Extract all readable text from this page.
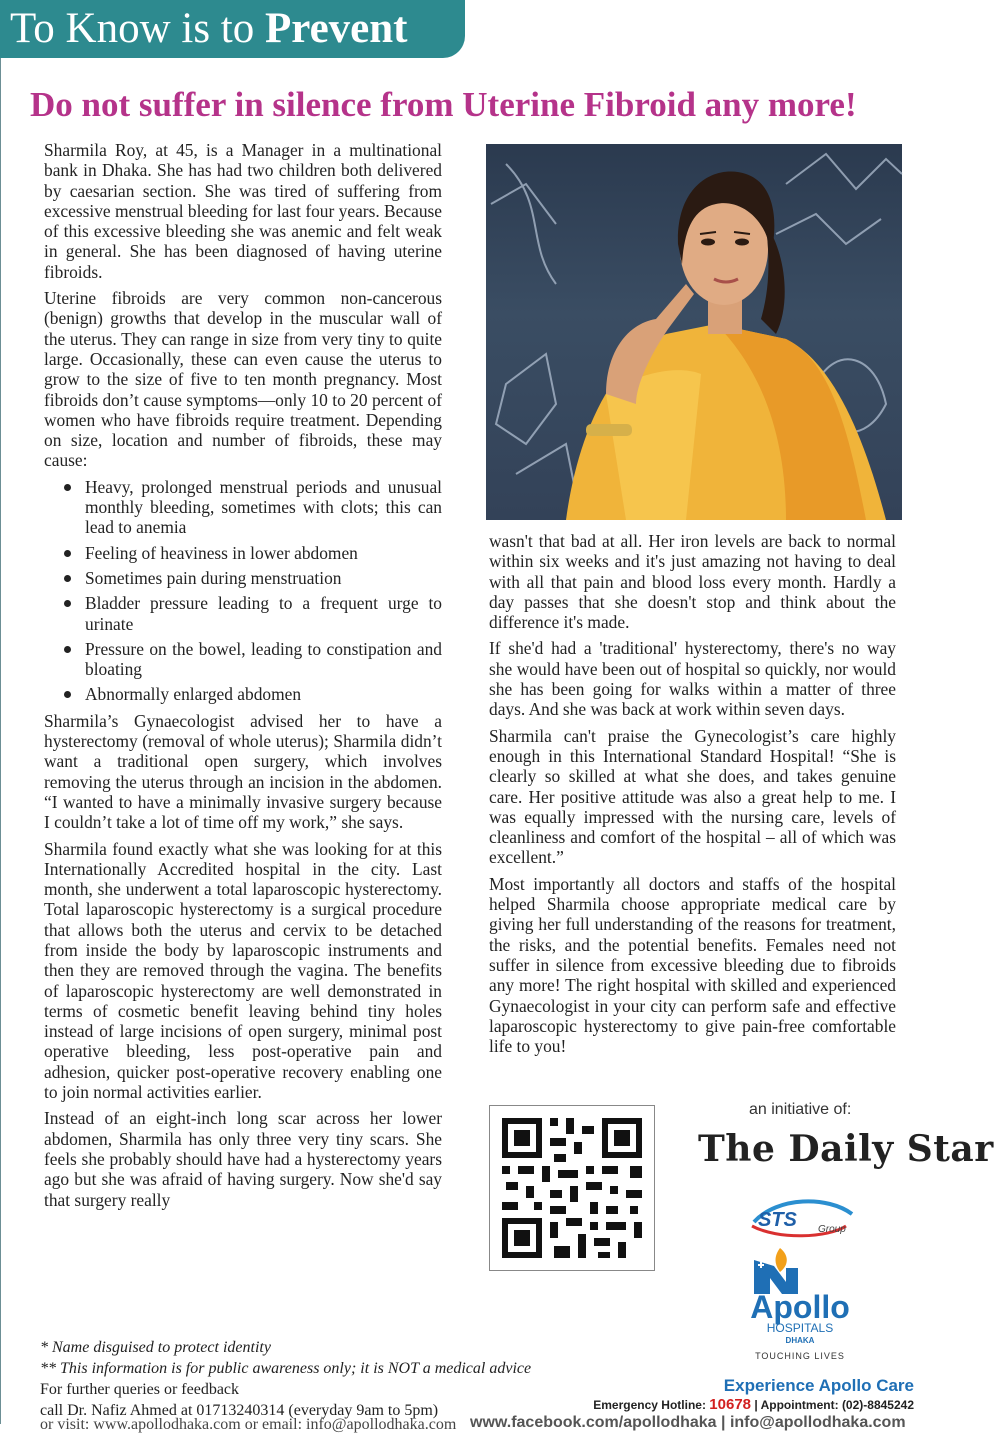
To Know is to Prevent
Do not suffer in silence from Uterine Fibroid any more!

Sharmila Roy, at 45, is a Manager in a multinational bank in Dhaka. She has had two children both delivered by caesarian section. She was tired of suffering from excessive menstrual bleeding for last four years. Because of this excessive bleeding she was anemic and felt weak in general. She has been diagnosed of having uterine fibroids.

Uterine fibroids are very common non-cancerous (benign) growths that develop in the muscular wall of the uterus. They can range in size from very tiny to quite large. Occasionally, these can even cause the uterus to grow to the size of five to ten month pregnancy. Most fibroids don’t cause symptoms—only 10 to 20 percent of women who have fibroids require treatment. Depending on size, location and number of fibroids, these may cause:

Heavy, prolonged menstrual periods and unusual monthly bleeding, sometimes with clots; this can lead to anemia
Feeling of heaviness in lower abdomen
Sometimes pain during menstruation
Bladder pressure leading to a frequent urge to urinate
Pressure on the bowel, leading to constipation and bloating
Abnormally enlarged abdomen

Sharmila’s Gynaecologist advised her to have a hysterectomy (removal of whole uterus); Sharmila didn’t want a traditional open surgery, which involves removing the uterus through an incision in the abdomen. “I wanted to have a minimally invasive surgery because I couldn’t take a lot of time off my work,” she says.

Sharmila found exactly what she was looking for at this Internationally Accredited hospital in the city. Last month, she underwent a total laparoscopic hysterectomy. Total laparoscopic hysterectomy is a surgical procedure that allows both the uterus and cervix to be detached from inside the body by laparoscopic instruments and then they are removed through the vagina. The benefits of laparoscopic hysterectomy are well demonstrated in terms of cosmetic benefit leaving behind tiny holes instead of large incisions of open surgery, minimal post operative bleeding, less post-operative pain and adhesion, quicker post-operative recovery enabling one to join normal activities earlier.

Instead of an eight-inch long scar across her lower abdomen, Sharmila has only three very tiny scars. She feels she probably should have had a hysterectomy years ago but she was afraid of having surgery. Now she'd say that surgery really

wasn't that bad at all. Her iron levels are back to normal within six weeks and it's just amazing not having to deal with all that pain and blood loss every month. Hardly a day passes that she doesn't stop and think about the difference it's made.

If she'd had a 'traditional' hysterectomy, there's no way she would have been out of hospital so quickly, nor would she has been going for walks within a matter of three days. And she was back at work within seven days.

Sharmila can't praise the Gynecologist’s care highly enough in this International Standard Hospital! “She is clearly so skilled at what she does, and takes genuine care. Her positive attitude was also a great help to me. I was equally impressed with the nursing care, levels of cleanliness and comfort of the hospital – all of which was excellent.”

Most importantly all doctors and staffs of the hospital helped Sharmila choose appropriate medical care by giving her full understanding of the reasons for treatment, the risks, and the potential benefits. Females need not suffer in silence from excessive bleeding due to fibroids any more! The right hospital with skilled and experienced Gynaecologist in your city can perform safe and effective laparoscopic hysterectomy to give pain-free comfortable life to you!

an initiative of:
The Daily Star
STS Group
Apollo
HOSPITALS
DHAKA
TOUCHING LIVES
* Name disguised to protect identity
** This information is for public awareness only; it is NOT a medical advice
For further queries or feedback
call Dr. Nafiz Ahmed at 01713240314 (everyday 9am to 5pm)
or visit: www.apollodhaka.com or email: info@apollodhaka.com
Experience Apollo Care
Emergency Hotline: 10678 | Appointment: (02)-8845242
www.facebook.com/apollodhaka | info@apollodhaka.com
